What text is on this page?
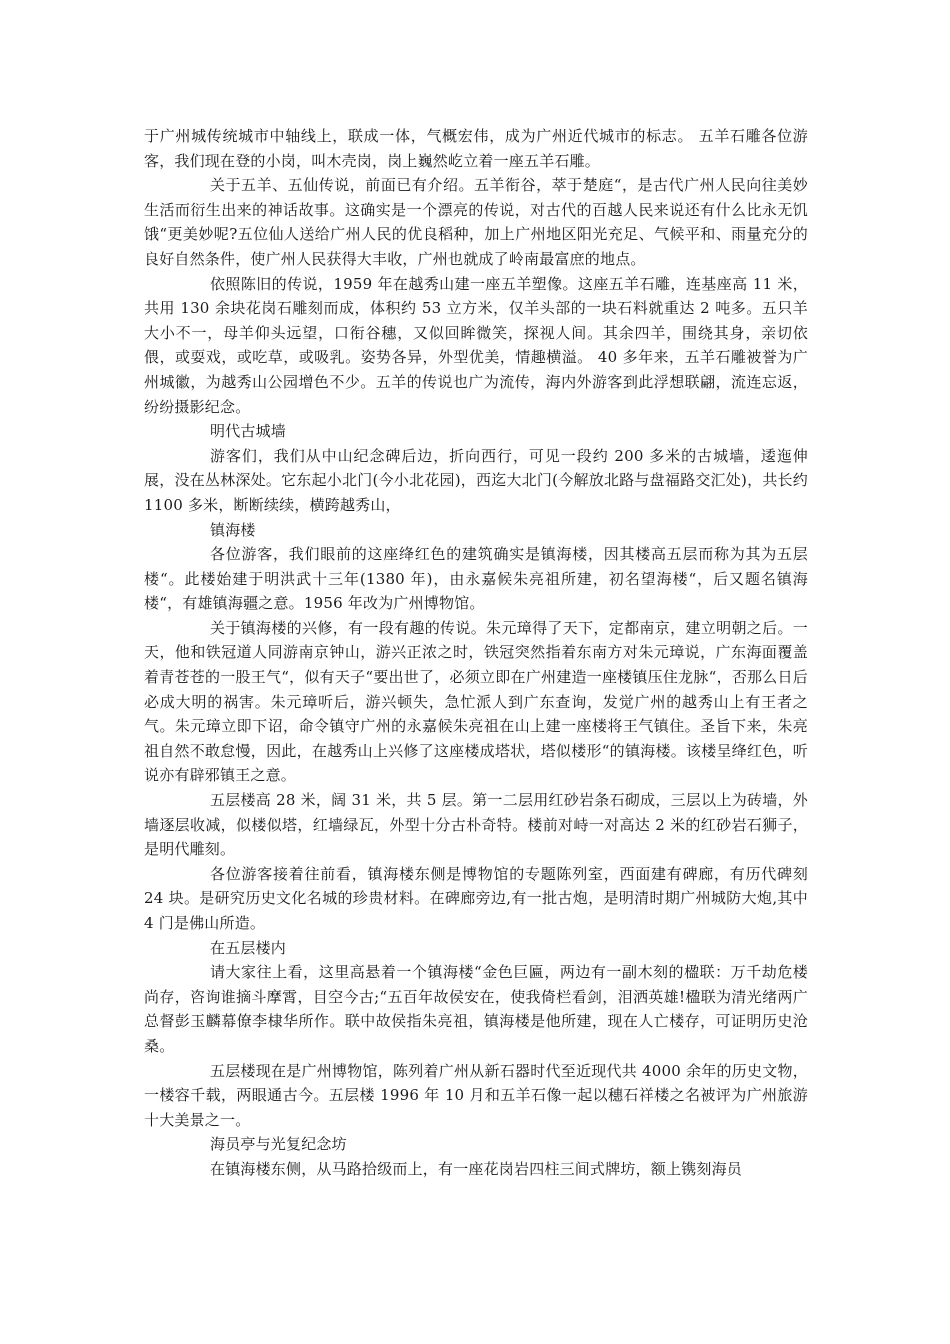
于广州城传统城市中轴线上，联成一体，气概宏伟，成为广州近代城市的标志。 五羊石雕各位游客，我们现在登的小岗，叫木壳岗，岗上巍然屹立着一座五羊石雕。

关于五羊、五仙传说，前面已有介绍。五羊衔谷，萃于楚庭“，是古代广州人民向往美妙生活而衍生出来的神话故事。这确实是一个漂亮的传说，对古代的百越人民来说还有什么比永无饥饿“更美妙呢?五位仙人送给广州人民的优良稻种，加上广州地区阳光充足、气候平和、雨量充分的良好自然条件，使广州人民获得大丰收，广州也就成了岭南最富庶的地点。

依照陈旧的传说，1959 年在越秀山建一座五羊塑像。这座五羊石雕，连基座高 11 米，共用 130 余块花岗石雕刻而成，体积约 53 立方米，仅羊头部的一块石料就重达 2 吨多。五只羊大小不一，母羊仰头远望，口衔谷穗，又似回眸微笑，探视人间。其余四羊，围绕其身，亲切依偎，或耍戏，或吃草，或吸乳。姿势各异，外型优美，情趣横溢。 40 多年来，五羊石雕被誉为广州城徽，为越秀山公园增色不少。五羊的传说也广为流传，海内外游客到此浮想联翩，流连忘返，纷纷摄影纪念。

明代古城墙

游客们，我们从中山纪念碑后边，折向西行，可见一段约 200 多米的古城墙，逶迤伸展，没在丛林深处。它东起小北门(今小北花园)，西迄大北门(今解放北路与盘福路交汇处)，共长约 1100 多米，断断续续，横跨越秀山，

镇海楼

各位游客，我们眼前的这座绛红色的建筑确实是镇海楼，因其楼高五层而称为其为五层楼“。此楼始建于明洪武十三年(1380 年)，由永嘉候朱亮祖所建，初名望海楼“，后又题名镇海楼“，有雄镇海疆之意。1956 年改为广州博物馆。

关于镇海楼的兴修，有一段有趣的传说。朱元璋得了天下，定都南京，建立明朝之后。一天，他和铁冠道人同游南京钟山，游兴正浓之时，铁冠突然指着东南方对朱元璋说，广东海面覆盖着青苍苍的一股王气“，似有天子“要出世了，必须立即在广州建造一座楼镇压住龙脉“，否那么日后必成大明的祸害。朱元璋听后，游兴顿失，急忙派人到广东查询，发觉广州的越秀山上有王者之气。朱元璋立即下诏，命令镇守广州的永嘉候朱亮祖在山上建一座楼将王气镇住。圣旨下来，朱亮祖自然不敢怠慢，因此，在越秀山上兴修了这座楼成塔状，塔似楼形“的镇海楼。该楼呈绛红色，听说亦有辟邪镇王之意。

五层楼高 28 米，阔 31 米，共 5 层。第一二层用红砂岩条石砌成，三层以上为砖墙，外墙逐层收减，似楼似塔，红墙绿瓦，外型十分古朴奇特。楼前对峙一对高达 2 米的红砂岩石狮子，是明代雕刻。

各位游客接着往前看，镇海楼东侧是博物馆的专题陈列室，西面建有碑廊，有历代碑刻 24 块。是研究历史文化名城的珍贵材料。在碑廊旁边,有一批古炮，是明清时期广州城防大炮,其中 4 门是佛山所造。

在五层楼内

请大家往上看，这里高悬着一个镇海楼“金色巨匾，两边有一副木刻的楹联：万千劫危楼尚存，咨询谁摘斗摩霄，目空今古;“五百年故侯安在，使我倚栏看剑，泪洒英雄!楹联为清光绪两广总督彭玉麟幕僚李棣华所作。联中故侯指朱亮祖，镇海楼是他所建，现在人亡楼存，可证明历史沧桑。

五层楼现在是广州博物馆，陈列着广州从新石器时代至近现代共 4000 余年的历史文物，一楼容千载，两眼通古今。五层楼 1996 年 10 月和五羊石像一起以穗石祥楼之名被评为广州旅游十大美景之一。

海员亭与光复纪念坊

在镇海楼东侧，从马路拾级而上，有一座花岗岩四柱三间式牌坊，额上镌刻海员
